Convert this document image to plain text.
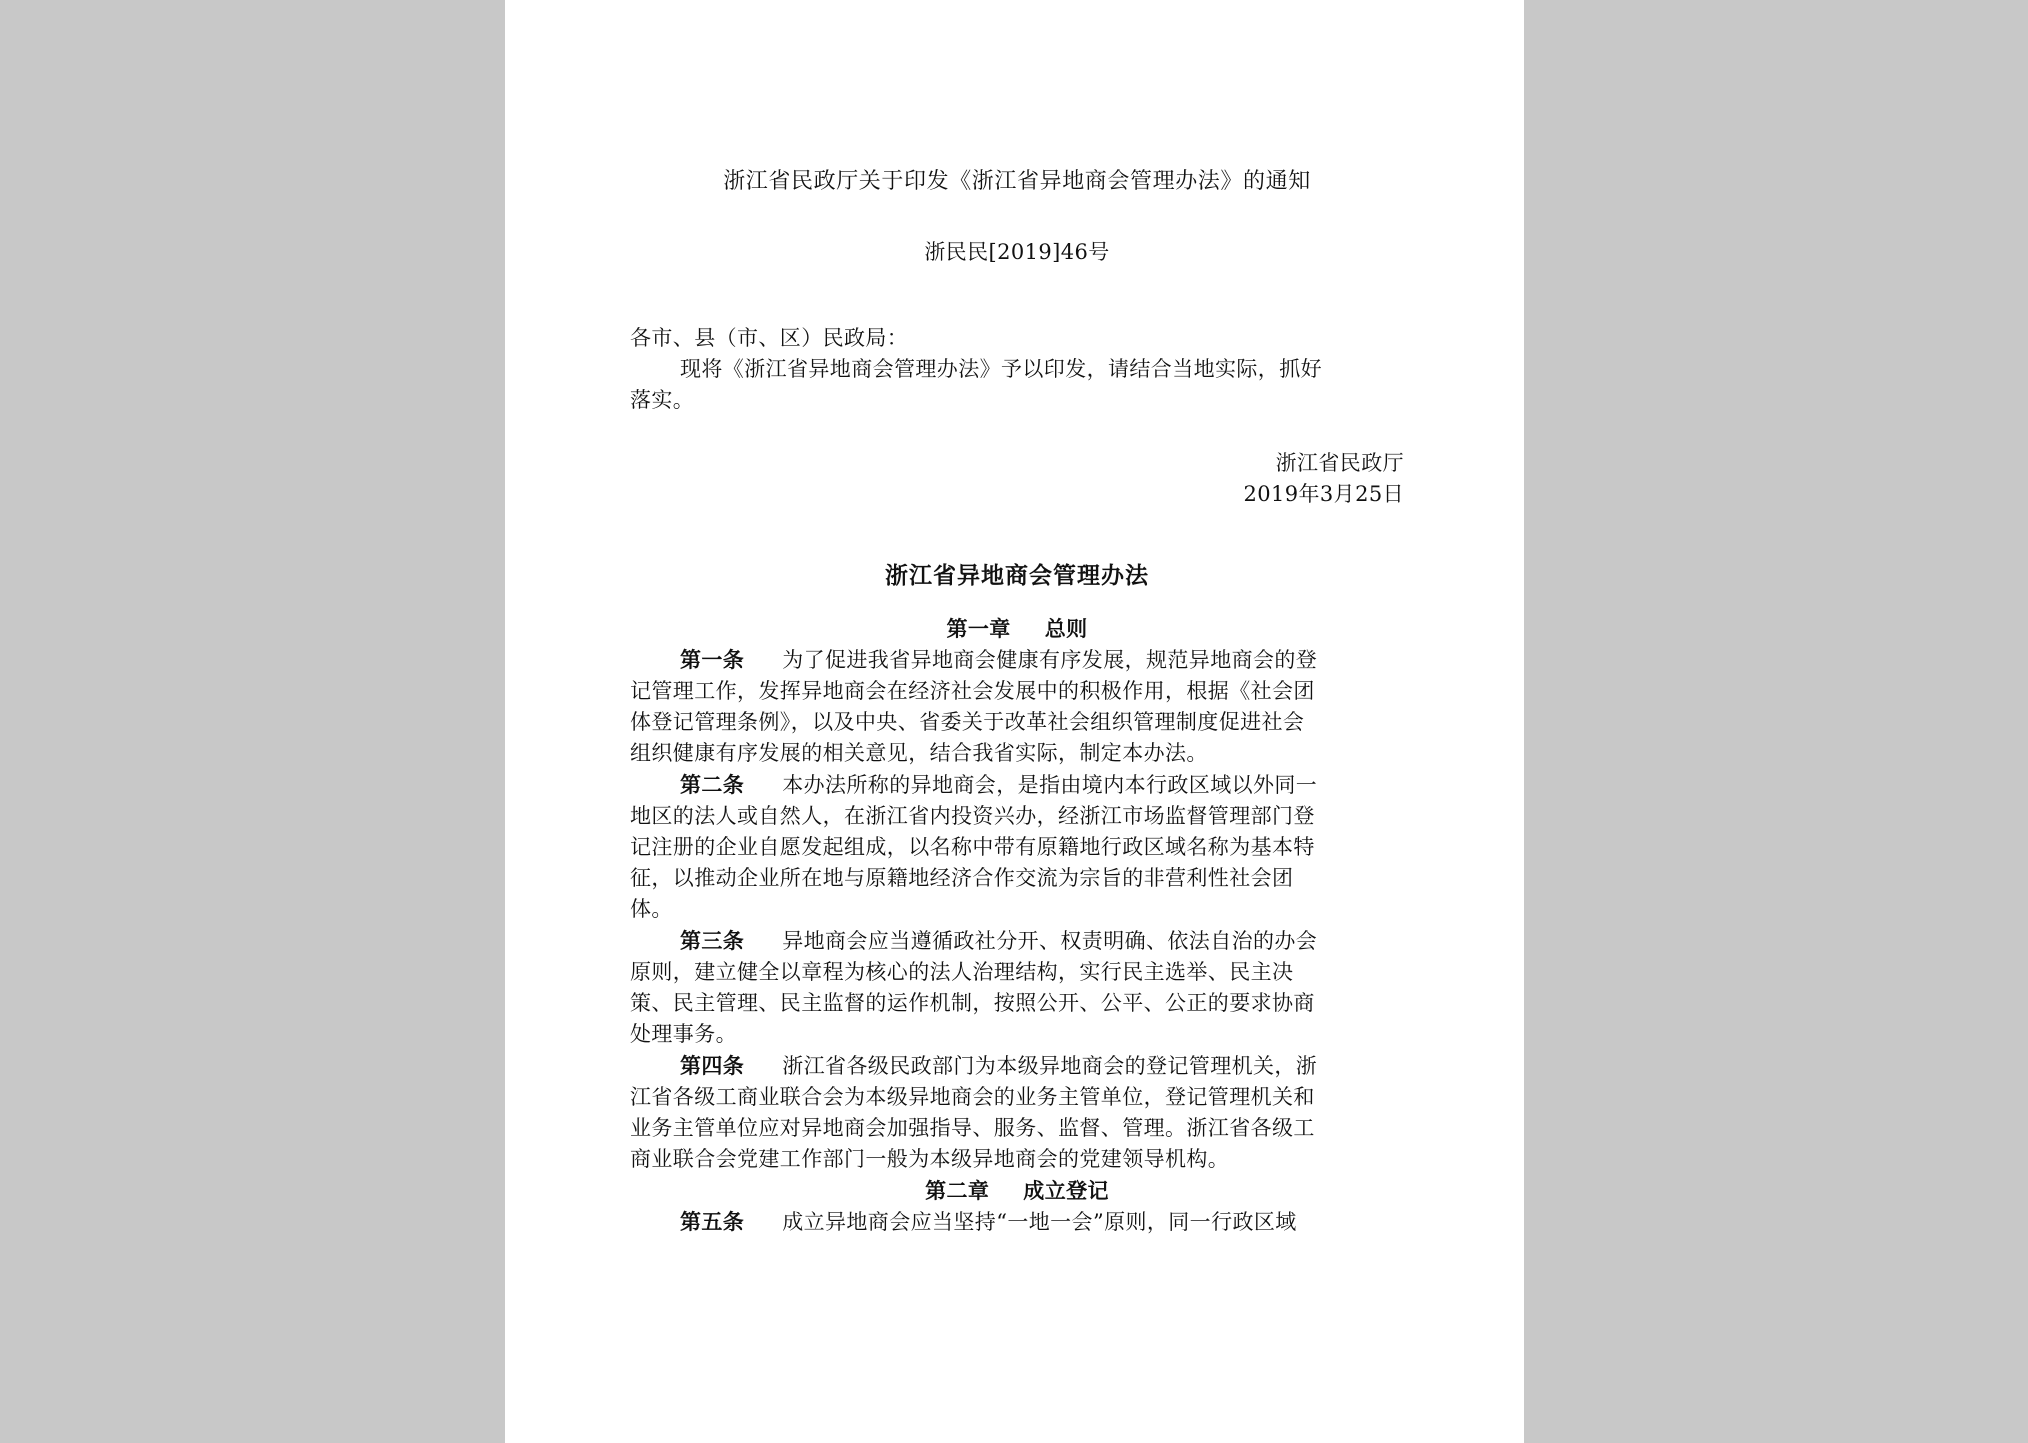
浙江省民政厅关于印发《浙江省异地商会管理办法》的通知
浙民民[2019]46号
各市、县（市、区）民政局：
现将《浙江省异地商会管理办法》予以印发，请结合当地实际，抓好
落实。
浙江省民政厅
2019年3月25日
浙江省异地商会管理办法
第一章 总则
第一条 为了促进我省异地商会健康有序发展，规范异地商会的登
记管理工作，发挥异地商会在经济社会发展中的积极作用，根据《社会团
体登记管理条例》，以及中央、省委关于改革社会组织管理制度促进社会
组织健康有序发展的相关意见，结合我省实际，制定本办法。
第二条 本办法所称的异地商会，是指由境内本行政区域以外同一
地区的法人或自然人，在浙江省内投资兴办，经浙江市场监督管理部门登
记注册的企业自愿发起组成，以名称中带有原籍地行政区域名称为基本特
征，以推动企业所在地与原籍地经济合作交流为宗旨的非营利性社会团
体。
第三条 异地商会应当遵循政社分开、权责明确、依法自治的办会
原则，建立健全以章程为核心的法人治理结构，实行民主选举、民主决
策、民主管理、民主监督的运作机制，按照公开、公平、公正的要求协商
处理事务。
第四条 浙江省各级民政部门为本级异地商会的登记管理机关，浙
江省各级工商业联合会为本级异地商会的业务主管单位，登记管理机关和
业务主管单位应对异地商会加强指导、服务、监督、管理。浙江省各级工
商业联合会党建工作部门一般为本级异地商会的党建领导机构。
第二章 成立登记
第五条 成立异地商会应当坚持“一地一会”原则，同一行政区域
